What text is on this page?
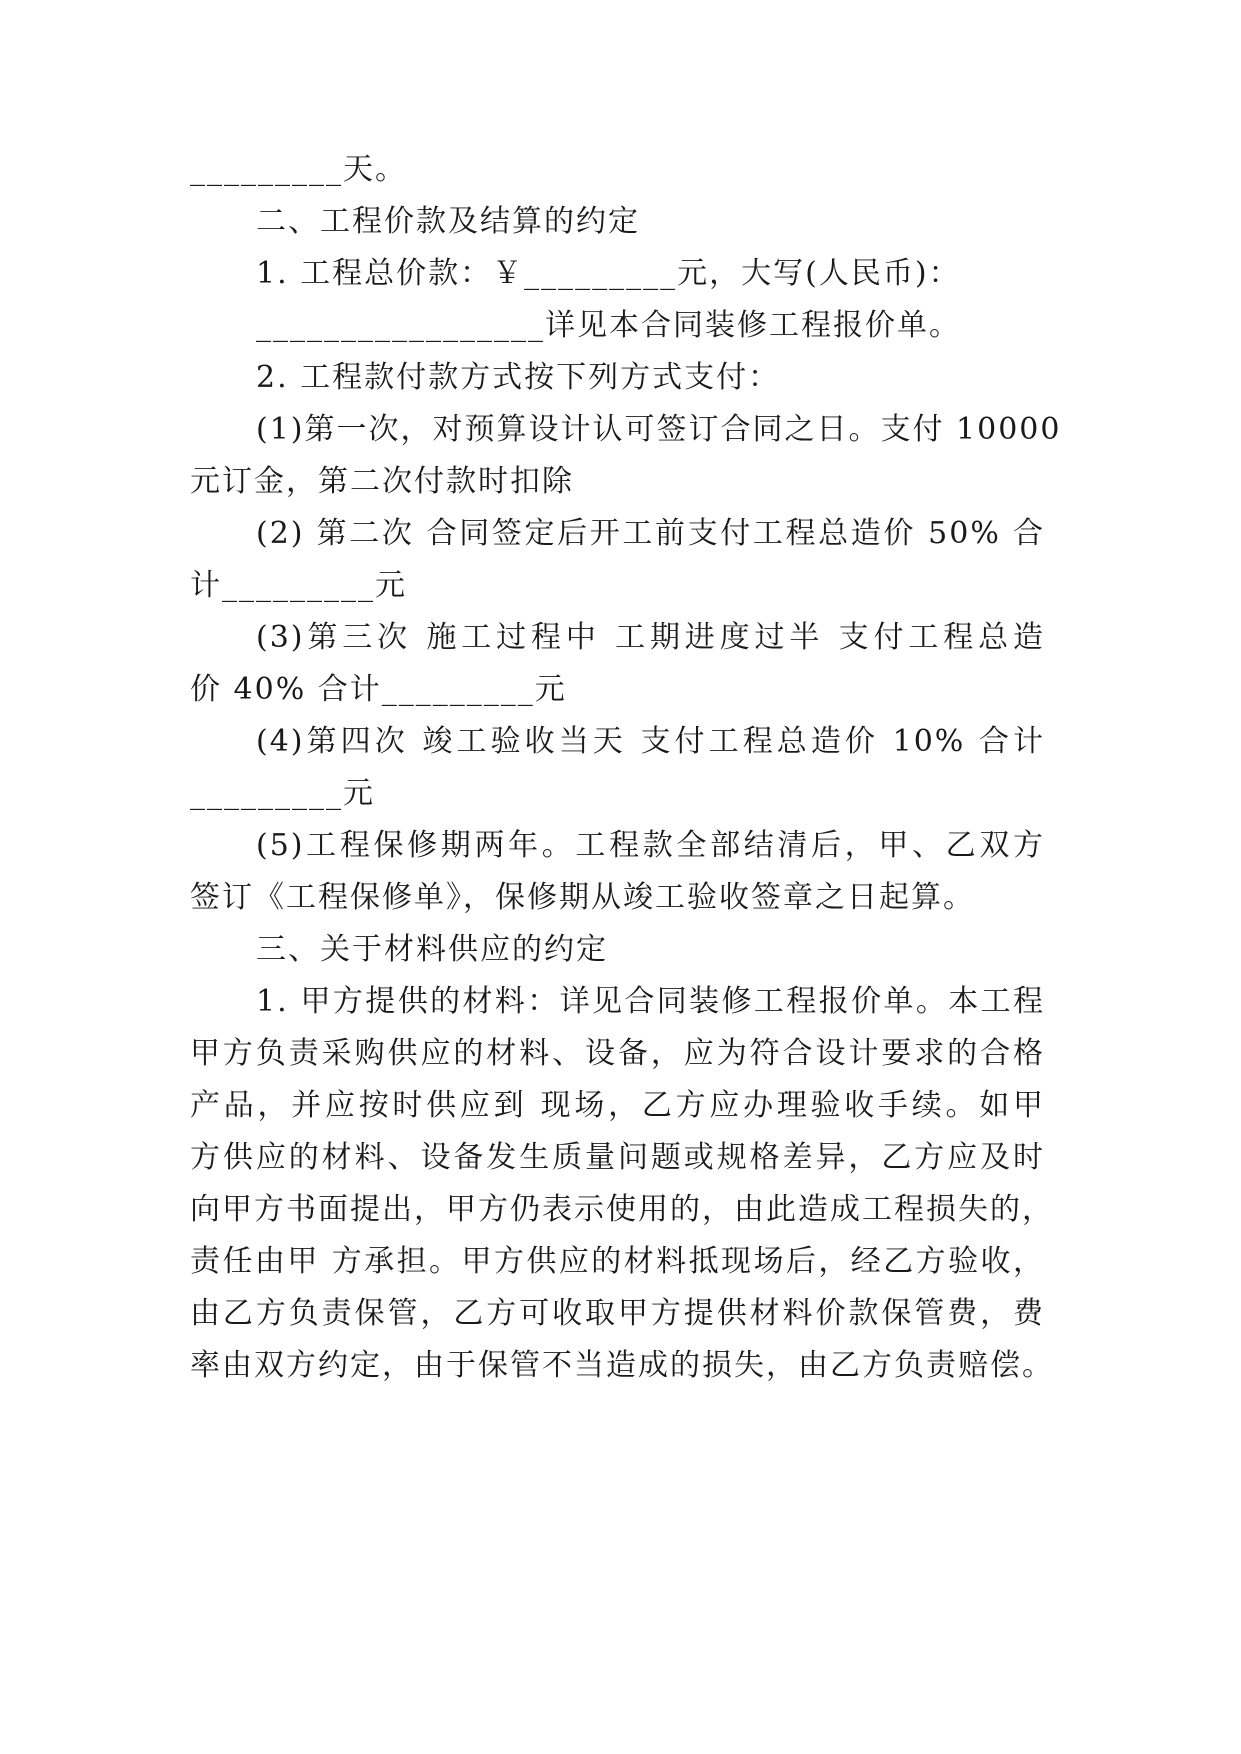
_________天。
二、工程价款及结算的约定
1. 工程总价款：￥_________元，大写(人民币)：
_________________详见本合同装修工程报价单。
2. 工程款付款方式按下列方式支付：
(1)第一次，对预算设计认可签订合同之日。支付 10000
元订金，第二次付款时扣除
(2) 第二次 合同签定后开工前支付工程总造价 50% 合
计_________元
(3)第三次 施工过程中 工期进度过半 支付工程总造
价 40% 合计_________元
(4)第四次 竣工验收当天 支付工程总造价 10% 合计
_________元
(5)工程保修期两年。工程款全部结清后，甲、乙双方
签订《工程保修单》，保修期从竣工验收签章之日起算。
三、关于材料供应的约定
1. 甲方提供的材料：详见合同装修工程报价单。本工程
甲方负责采购供应的材料、设备，应为符合设计要求的合格
产品，并应按时供应到 现场，乙方应办理验收手续。如甲
方供应的材料、设备发生质量问题或规格差异，乙方应及时
向甲方书面提出，甲方仍表示使用的，由此造成工程损失的，
责任由甲 方承担。甲方供应的材料抵现场后，经乙方验收，
由乙方负责保管，乙方可收取甲方提供材料价款保管费，费
率由双方约定，由于保管不当造成的损失，由乙方负责赔偿。
